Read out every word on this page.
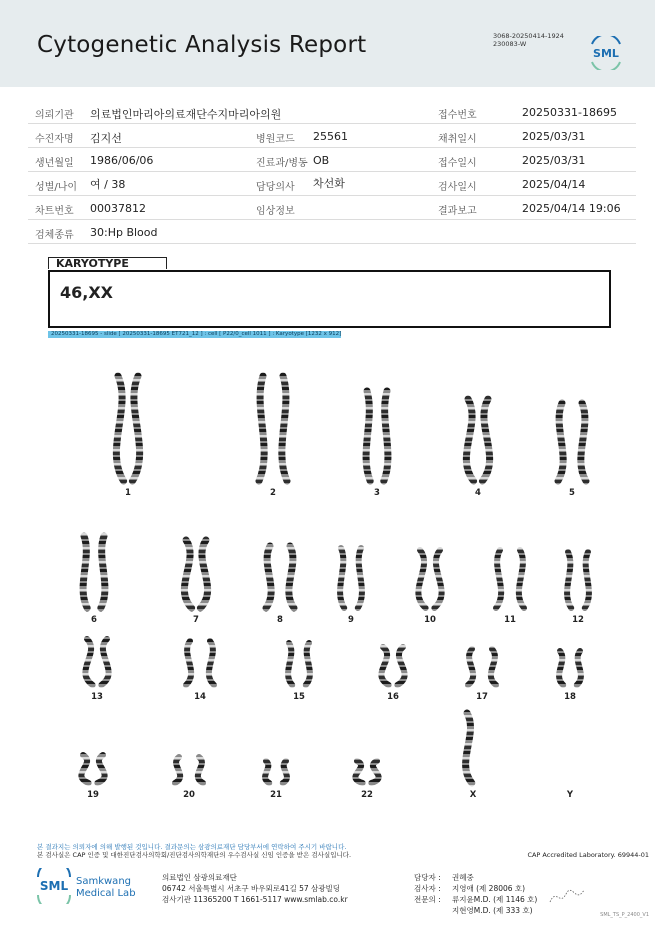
Cytogenetic Analysis Report	3068-20250414-1924
230083-W
SML
의뢰기관 의료법인마리아의료재단수지마리아의원	접수번호	20250331-18695
수진자명 김지선	병원코드 25561	채취일시	2025/03/31
생년월일 1986/06/06	진료과/병동 OB	접수일시	2025/03/31
성별/나이 여 / 38	담당의사 차선화	검사일시	2025/04/14
차트번호 00037812	임상정보	결과보고	2025/04/14 19:06
검체종류 30:Hp Blood
KARYOTYPE
46,XX
20250331-18695 - slide [ 20250331-18695 ET721_12 ] : cell [ P22/0_cell 1011 ] : Karyotype [1232 x 912]
1	2	3	4	5
6	7	8	9	10	11	12
13	14	15	16	17	18
19	20	21	22	X	Y
본 결과지는 의뢰자에 의해 발행된 것입니다. 결과문의는 삼광의료재단 담당부서에 연락하여 주시기 바랍니다.
본 검사실은 CAP 인증 및 대한진단검사의학회/진단검사의학재단의 우수검사실 신임 인증을 받은 검사실입니다.	CAP Accredited Laboratory. 69944-01
SML Samkwang
Medical Lab
의료법인 삼광의료재단
06742 서울특별시 서초구 바우뫼로41길 57 삼광빌딩
검사기관 11365200 T 1661-5117 www.smlab.co.kr
담당자 : 권혜중
검사자 : 지영애 (제 28006 호)
전문의 : 류지윤M.D. (제 1146 호)
지현영M.D. (제 333 호)	SML_TS_P_2400_V1
